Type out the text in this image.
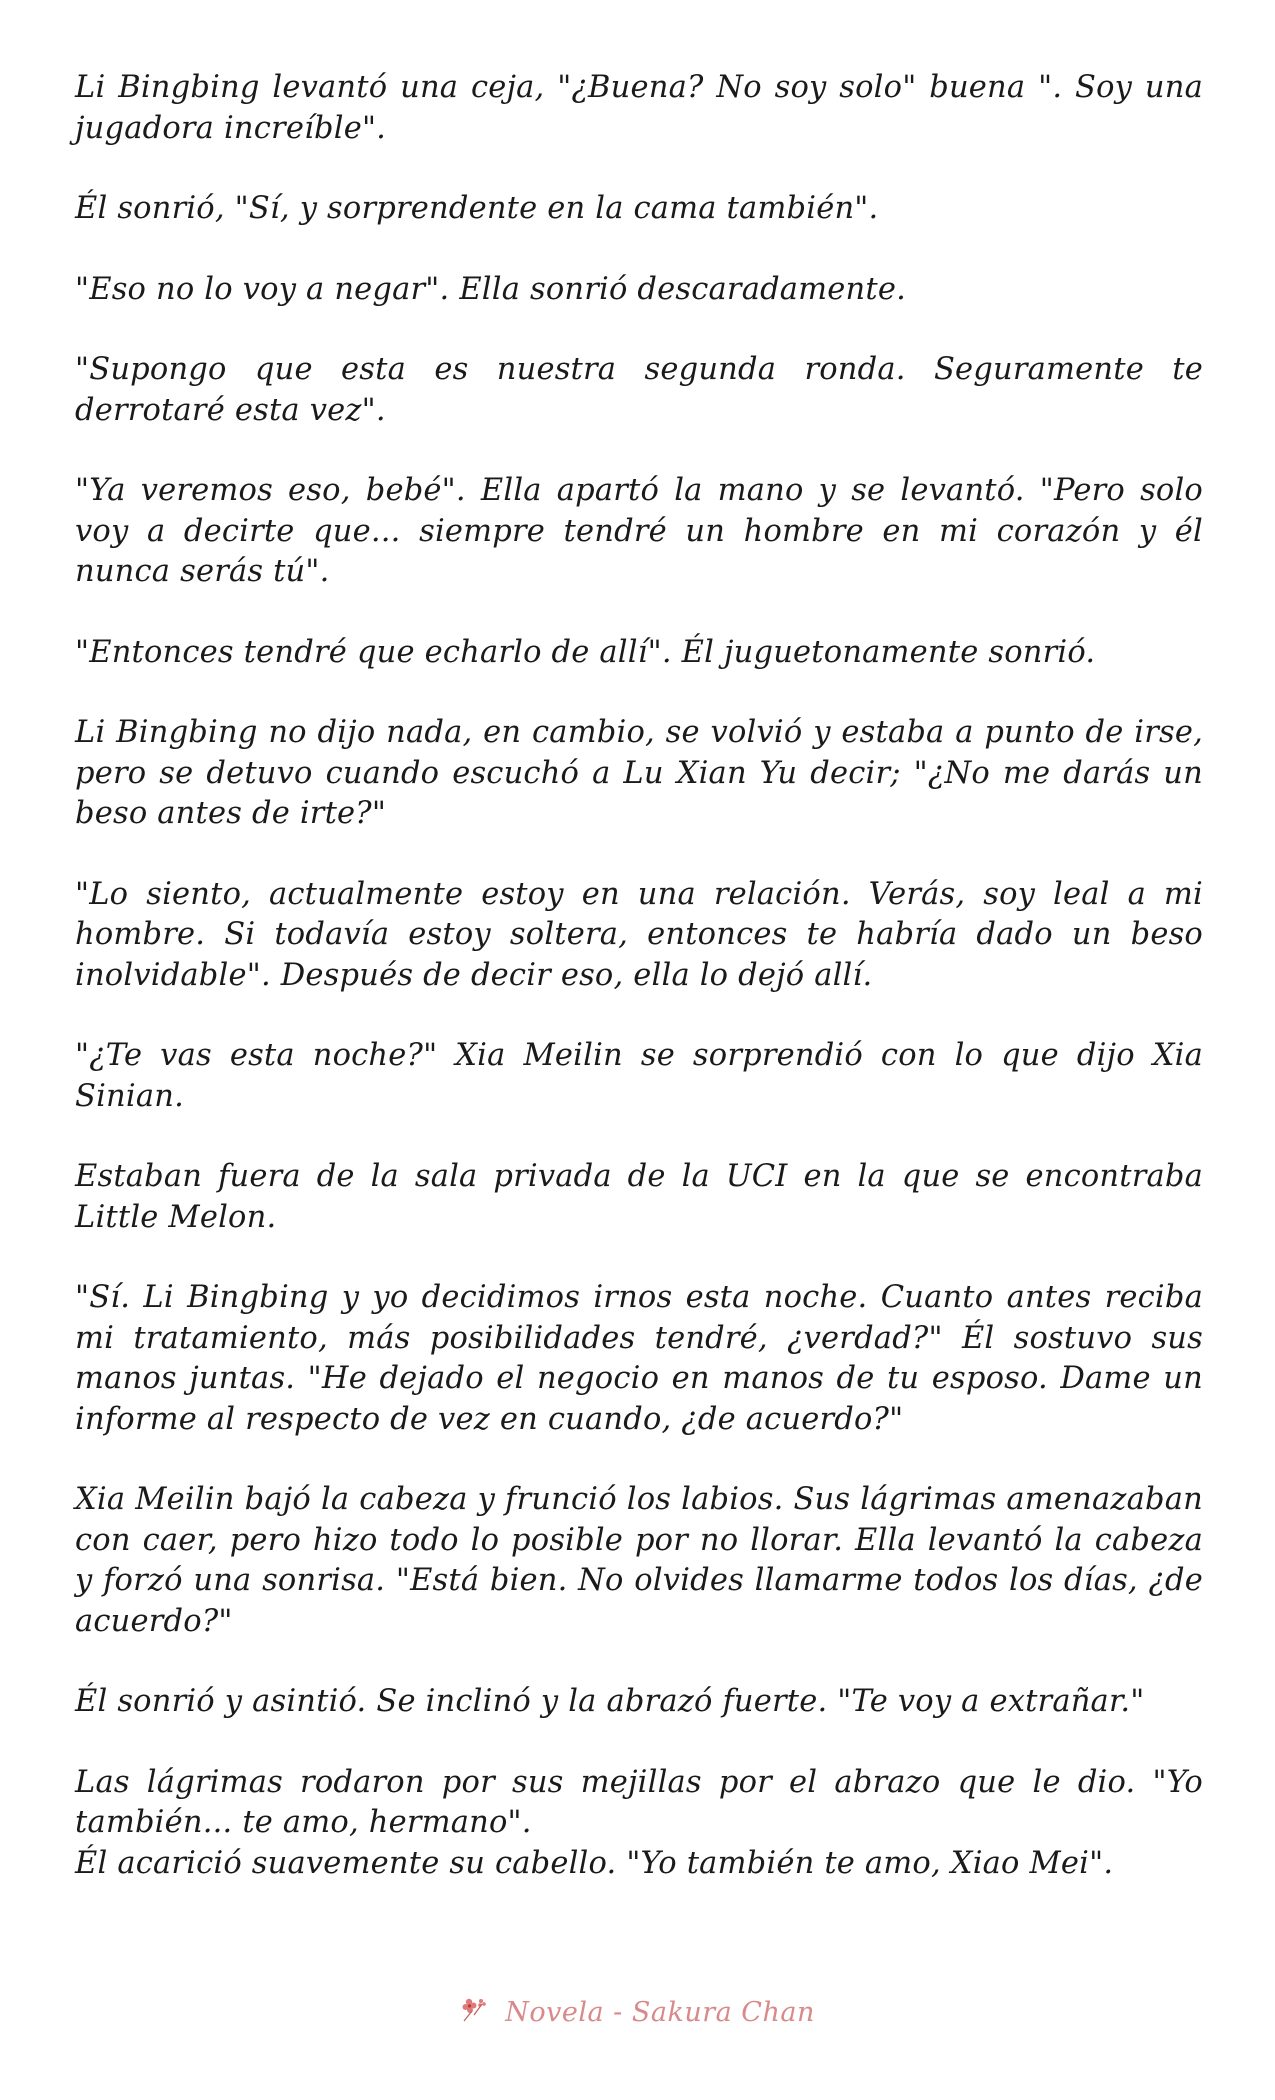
Li Bingbing levantó una ceja, "¿Buena? No soy solo" buena ". Soy una jugadora increíble".

Él sonrió, "Sí, y sorprendente en la cama también".

"Eso no lo voy a negar". Ella sonrió descaradamente.

"Supongo que esta es nuestra segunda ronda. Seguramente te derrotaré esta vez".

"Ya veremos eso, bebé". Ella apartó la mano y se levantó. "Pero solo voy a decirte que... siempre tendré un hombre en mi corazón y él nunca serás tú".

"Entonces tendré que echarlo de allí". Él juguetonamente sonrió.

Li Bingbing no dijo nada, en cambio, se volvió y estaba a punto de irse, pero se detuvo cuando escuchó a Lu Xian Yu decir; "¿No me darás un beso antes de irte?"

"Lo siento, actualmente estoy en una relación. Verás, soy leal a mi hombre. Si todavía estoy soltera, entonces te habría dado un beso inolvidable". Después de decir eso, ella lo dejó allí.

"¿Te vas esta noche?" Xia Meilin se sorprendió con lo que dijo Xia Sinian.

Estaban fuera de la sala privada de la UCI en la que se encontraba Little Melon.

"Sí. Li Bingbing y yo decidimos irnos esta noche. Cuanto antes reciba mi tratamiento, más posibilidades tendré, ¿verdad?" Él sostuvo sus manos juntas. "He dejado el negocio en manos de tu esposo. Dame un informe al respecto de vez en cuando, ¿de acuerdo?"

Xia Meilin bajó la cabeza y frunció los labios. Sus lágrimas amenazaban con caer, pero hizo todo lo posible por no llorar. Ella levantó la cabeza y forzó una sonrisa. "Está bien. No olvides llamarme todos los días, ¿de acuerdo?"

Él sonrió y asintió. Se inclinó y la abrazó fuerte. "Te voy a extrañar."

Las lágrimas rodaron por sus mejillas por el abrazo que le dio. "Yo también... te amo, hermano".

Él acarició suavemente su cabello. "Yo también te amo, Xiao Mei".

Novela - Sakura Chan
